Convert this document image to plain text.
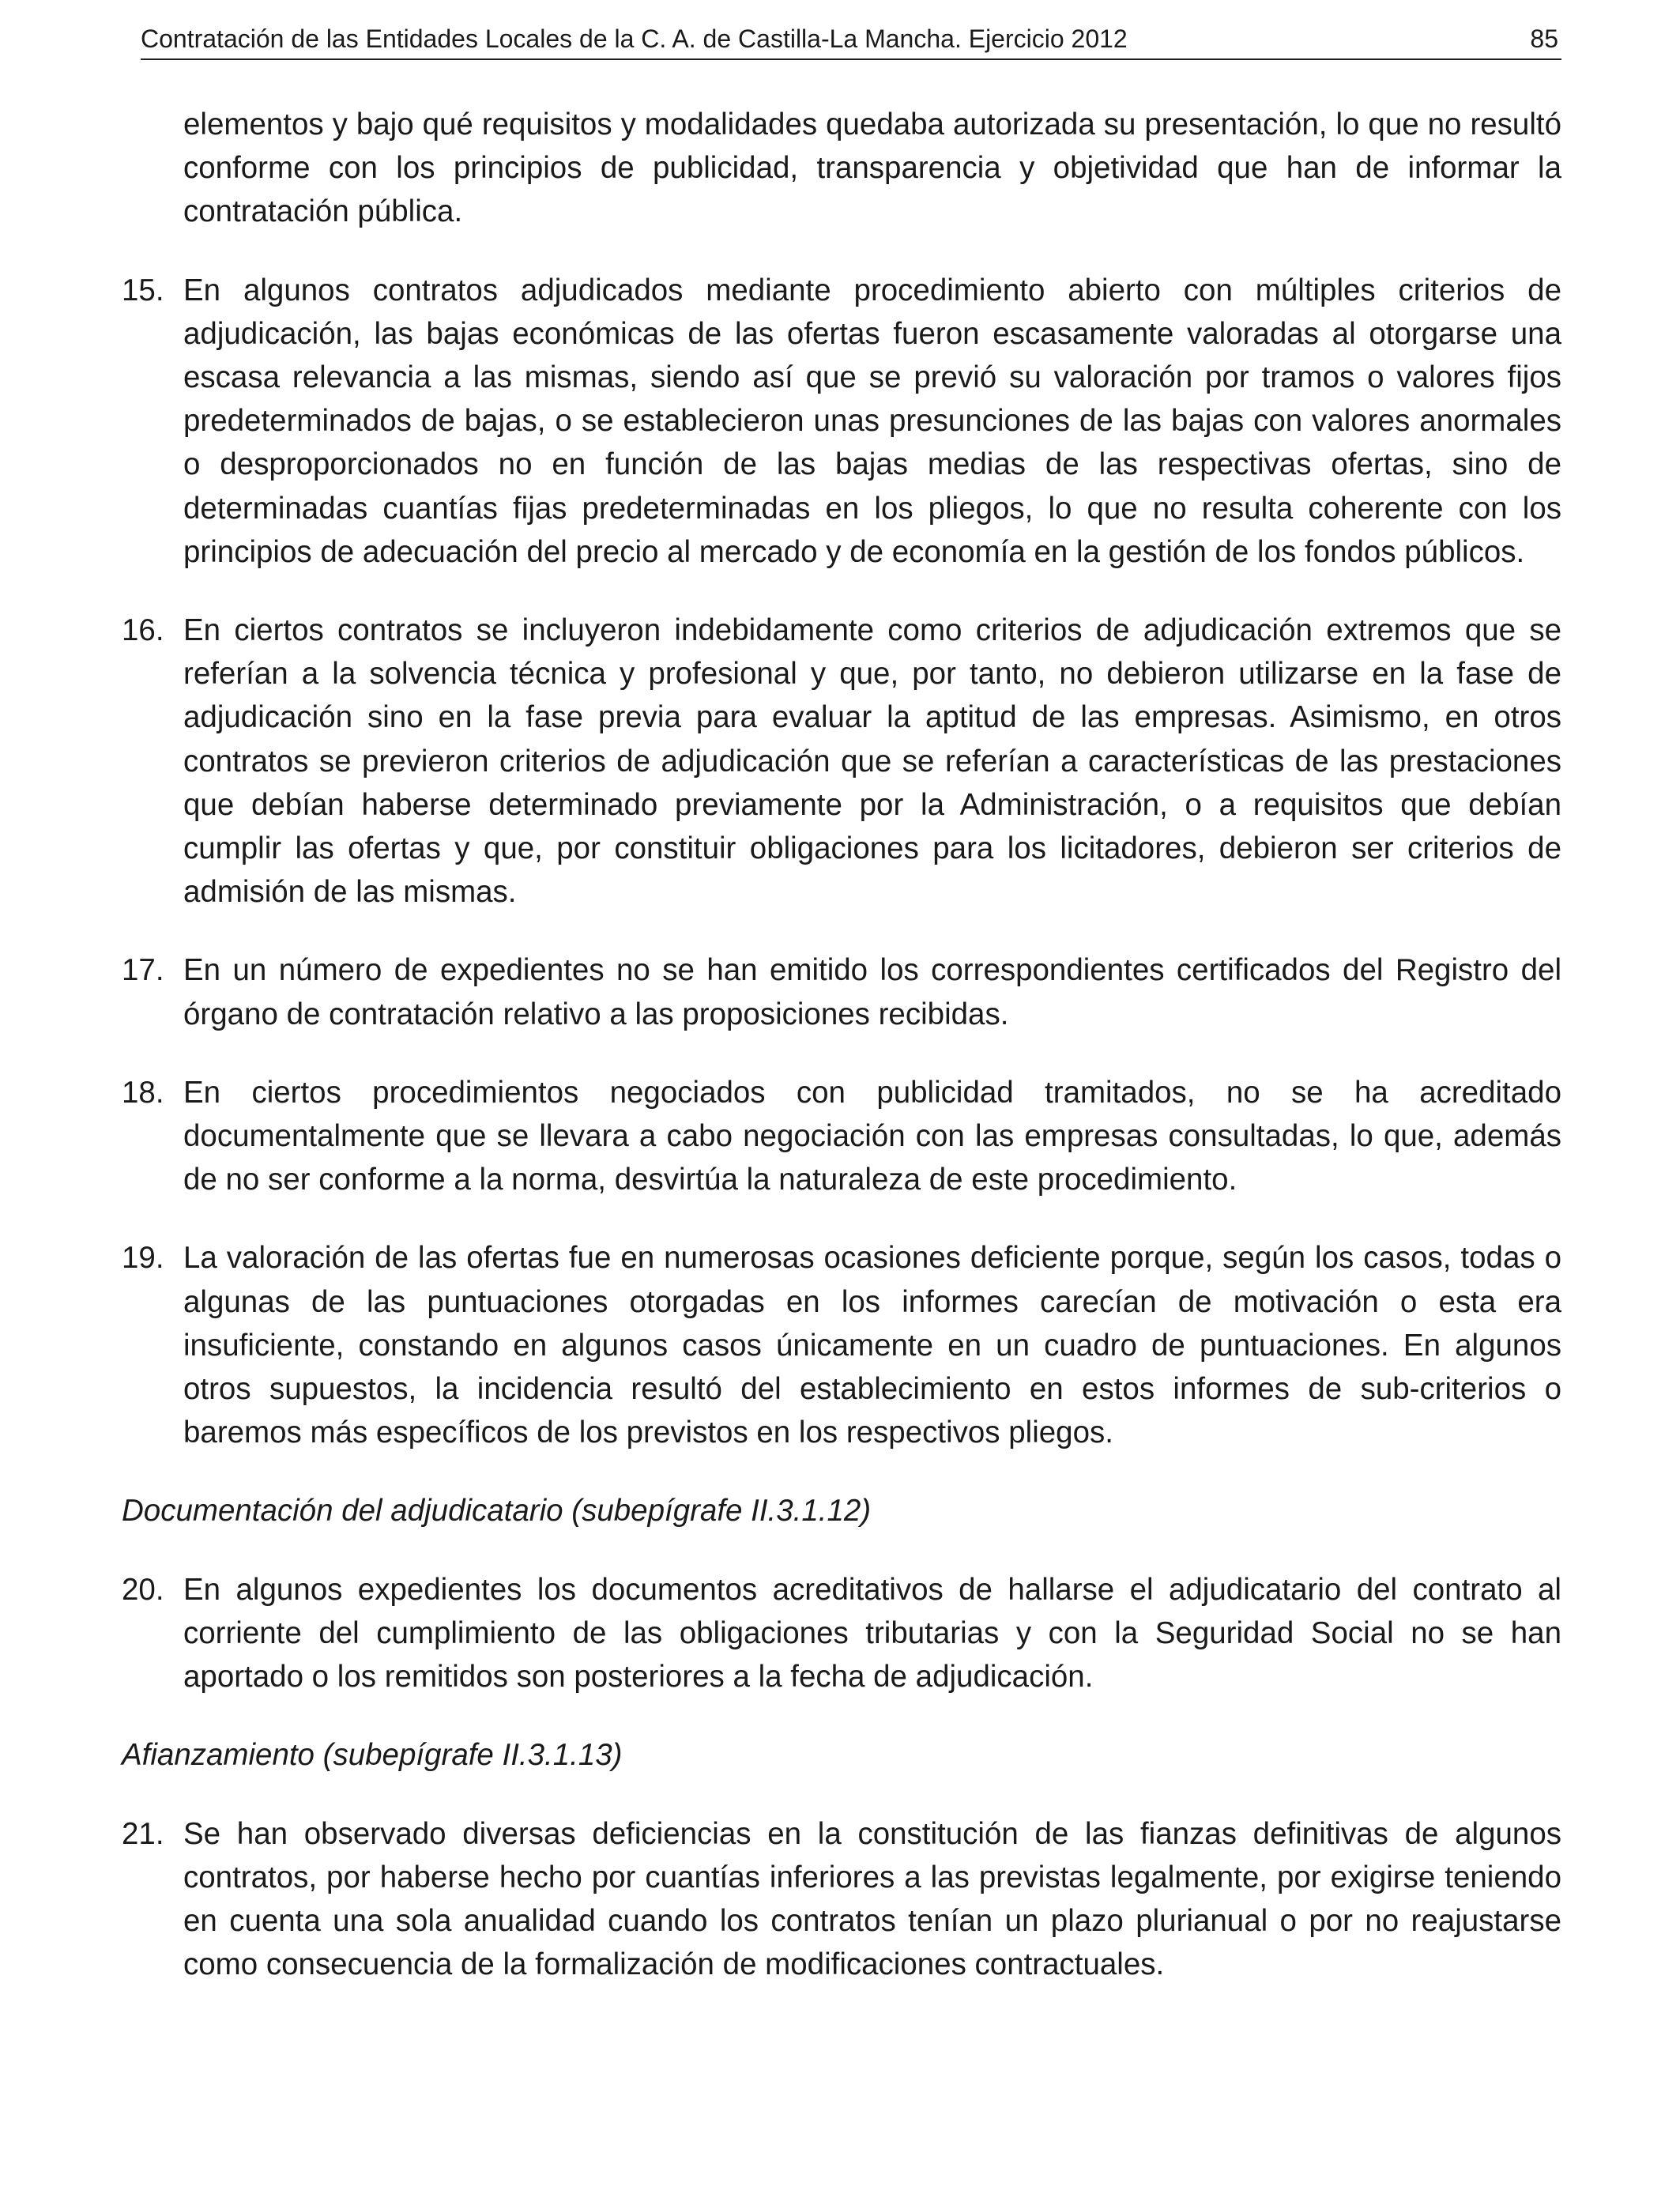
Contratación de las Entidades Locales de la C. A. de Castilla-La Mancha. Ejercicio 2012	85

elementos y bajo qué requisitos y modalidades quedaba autorizada su presentación, lo que no resultó conforme con los principios de publicidad, transparencia y objetividad que han de informar la contratación pública.

15. En algunos contratos adjudicados mediante procedimiento abierto con múltiples criterios de adjudicación, las bajas económicas de las ofertas fueron escasamente valoradas al otorgarse una escasa relevancia a las mismas, siendo así que se previó su valoración por tramos o valores fijos predeterminados de bajas, o se establecieron unas presunciones de las bajas con valores anormales o desproporcionados no en función de las bajas medias de las respectivas ofertas, sino de determinadas cuantías fijas predeterminadas en los pliegos, lo que no resulta coherente con los principios de adecuación del precio al mercado y de economía en la gestión de los fondos públicos.
16. En ciertos contratos se incluyeron indebidamente como criterios de adjudicación extremos que se referían a la solvencia técnica y profesional y que, por tanto, no debieron utilizarse en la fase de adjudicación sino en la fase previa para evaluar la aptitud de las empresas. Asimismo, en otros contratos se previeron criterios de adjudicación que se referían a características de las prestaciones que debían haberse determinado previamente por la Administración, o a requisitos que debían cumplir las ofertas y que, por constituir obligaciones para los licitadores, debieron ser criterios de admisión de las mismas.
17. En un número de expedientes no se han emitido los correspondientes certificados del Registro del órgano de contratación relativo a las proposiciones recibidas.
18. En ciertos procedimientos negociados con publicidad tramitados, no se ha acreditado documentalmente que se llevara a cabo negociación con las empresas consultadas, lo que, además de no ser conforme a la norma, desvirtúa la naturaleza de este procedimiento.
19. La valoración de las ofertas fue en numerosas ocasiones deficiente porque, según los casos, todas o algunas de las puntuaciones otorgadas en los informes carecían de motivación o esta era insuficiente, constando en algunos casos únicamente en un cuadro de puntuaciones. En algunos otros supuestos, la incidencia resultó del establecimiento en estos informes de sub-criterios o baremos más específicos de los previstos en los respectivos pliegos.

Documentación del adjudicatario (subepígrafe II.3.1.12)

20. En algunos expedientes los documentos acreditativos de hallarse el adjudicatario del contrato al corriente del cumplimiento de las obligaciones tributarias y con la Seguridad Social no se han aportado o los remitidos son posteriores a la fecha de adjudicación.

Afianzamiento (subepígrafe II.3.1.13)

21. Se han observado diversas deficiencias en la constitución de las fianzas definitivas de algunos contratos, por haberse hecho por cuantías inferiores a las previstas legalmente, por exigirse teniendo en cuenta una sola anualidad cuando los contratos tenían un plazo plurianual o por no reajustarse como consecuencia de la formalización de modificaciones contractuales.
